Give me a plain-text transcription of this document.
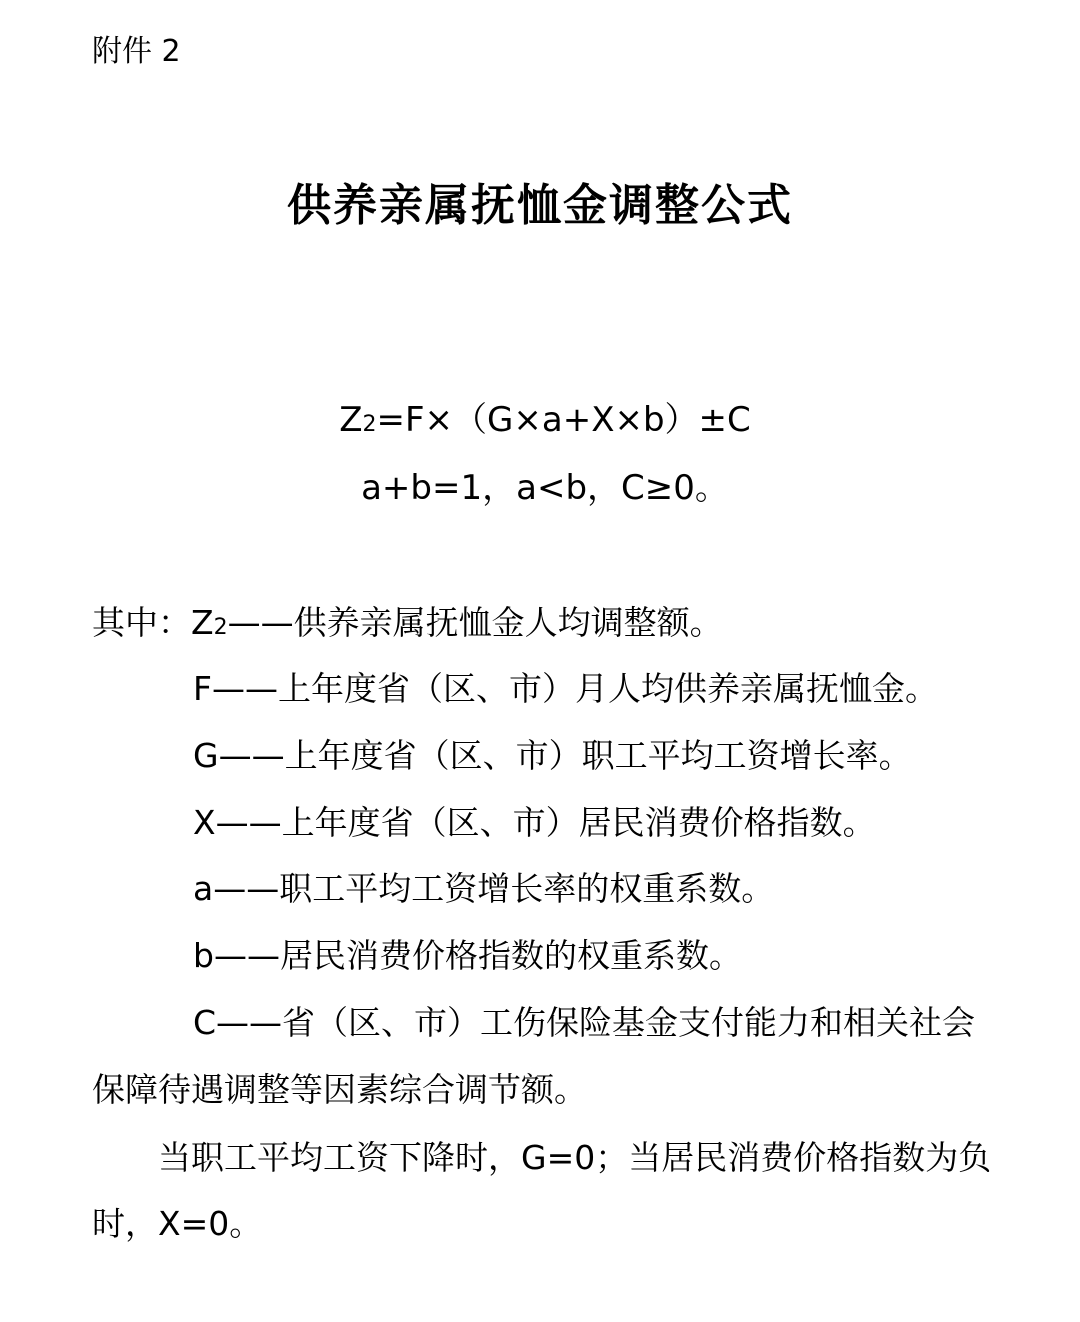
附件 2
供养亲属抚恤金调整公式
Z2=F×（G×a+X×b）±C
a+b=1，a<b，C≥0。
其中：Z2——供养亲属抚恤金人均调整额。
F——上年度省（区、市）月人均供养亲属抚恤金。
G——上年度省（区、市）职工平均工资增长率。
X——上年度省（区、市）居民消费价格指数。
a——职工平均工资增长率的权重系数。
b——居民消费价格指数的权重系数。
C——省（区、市）工伤保险基金支付能力和相关社会
保障待遇调整等因素综合调节额。
当职工平均工资下降时，G=0；当居民消费价格指数为负
时，X=0。
